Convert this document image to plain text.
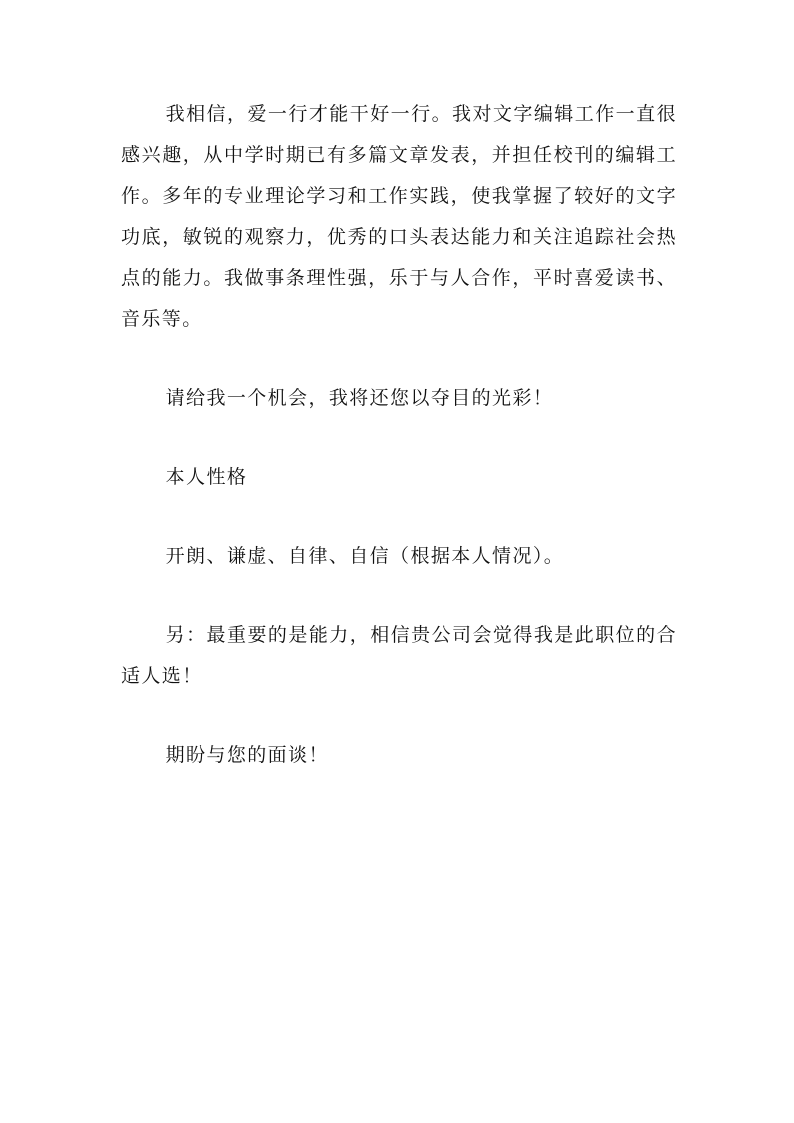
我相信，爱一行才能干好一行。我对文字编辑工作一直很感兴趣，从中学时期已有多篇文章发表，并担任校刊的编辑工作。多年的专业理论学习和工作实践，使我掌握了较好的文字功底，敏锐的观察力，优秀的口头表达能力和关注追踪社会热点的能力。我做事条理性强，乐于与人合作，平时喜爱读书、音乐等。

请给我一个机会，我将还您以夺目的光彩！

本人性格

开朗、谦虚、自律、自信（根据本人情况）。

另：最重要的是能力，相信贵公司会觉得我是此职位的合适人选！

期盼与您的面谈！
